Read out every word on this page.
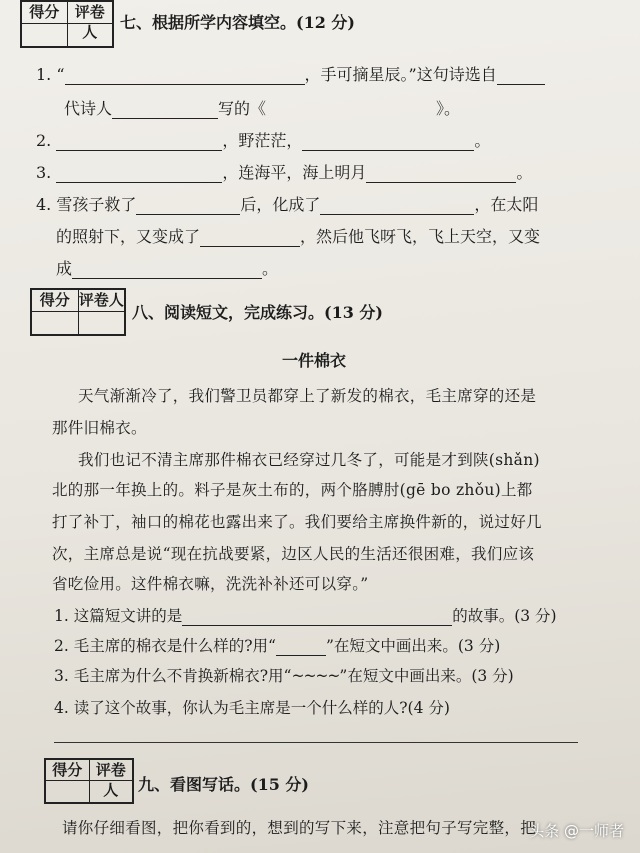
得分	评卷人	七、根据所学内容填空。(12 分)
1. “	，手可摘星辰。”这句诗选自
代诗人	写的《	》。
2.	，野茫茫，	。
3.	，连海平，海上明月	。
4. 雪孩子救了	后，化成了	，在太阳
的照射下，又变成了	，然后他飞呀飞，飞上天空，又变
成	。
得分 评卷人
八、阅读短文，完成练习。(13 分)
一件棉衣
天气渐渐冷了，我们警卫员都穿上了新发的棉衣，毛主席穿的还是
那件旧棉衣。
我们也记不清主席那件棉衣已经穿过几冬了，可能是才到陕(shǎn)
北的那一年换上的。料子是灰土布的，两个胳膊肘(gē bo zhǒu)上都
打了补丁，袖口的棉花也露出来了。我们要给主席换件新的，说过好几
次，主席总是说“现在抗战要紧，边区人民的生活还很困难，我们应该
省吃俭用。这件棉衣嘛，洗洗补补还可以穿。”
1. 这篇短文讲的是	的故事。(3 分)
2. 毛主席的棉衣是什么样的?用“	”在短文中画出来。(3 分)
3. 毛主席为什么不肯换新棉衣?用“~~~~”在短文中画出来。(3 分)
4. 读了这个故事，你认为毛主席是一个什么样的人?(4 分)
得分 评卷人	九、看图写话。(15 分)
请你仔细看图，把你看到的，想到的写下来，注意把句子写完整，把
头条 @一师者
